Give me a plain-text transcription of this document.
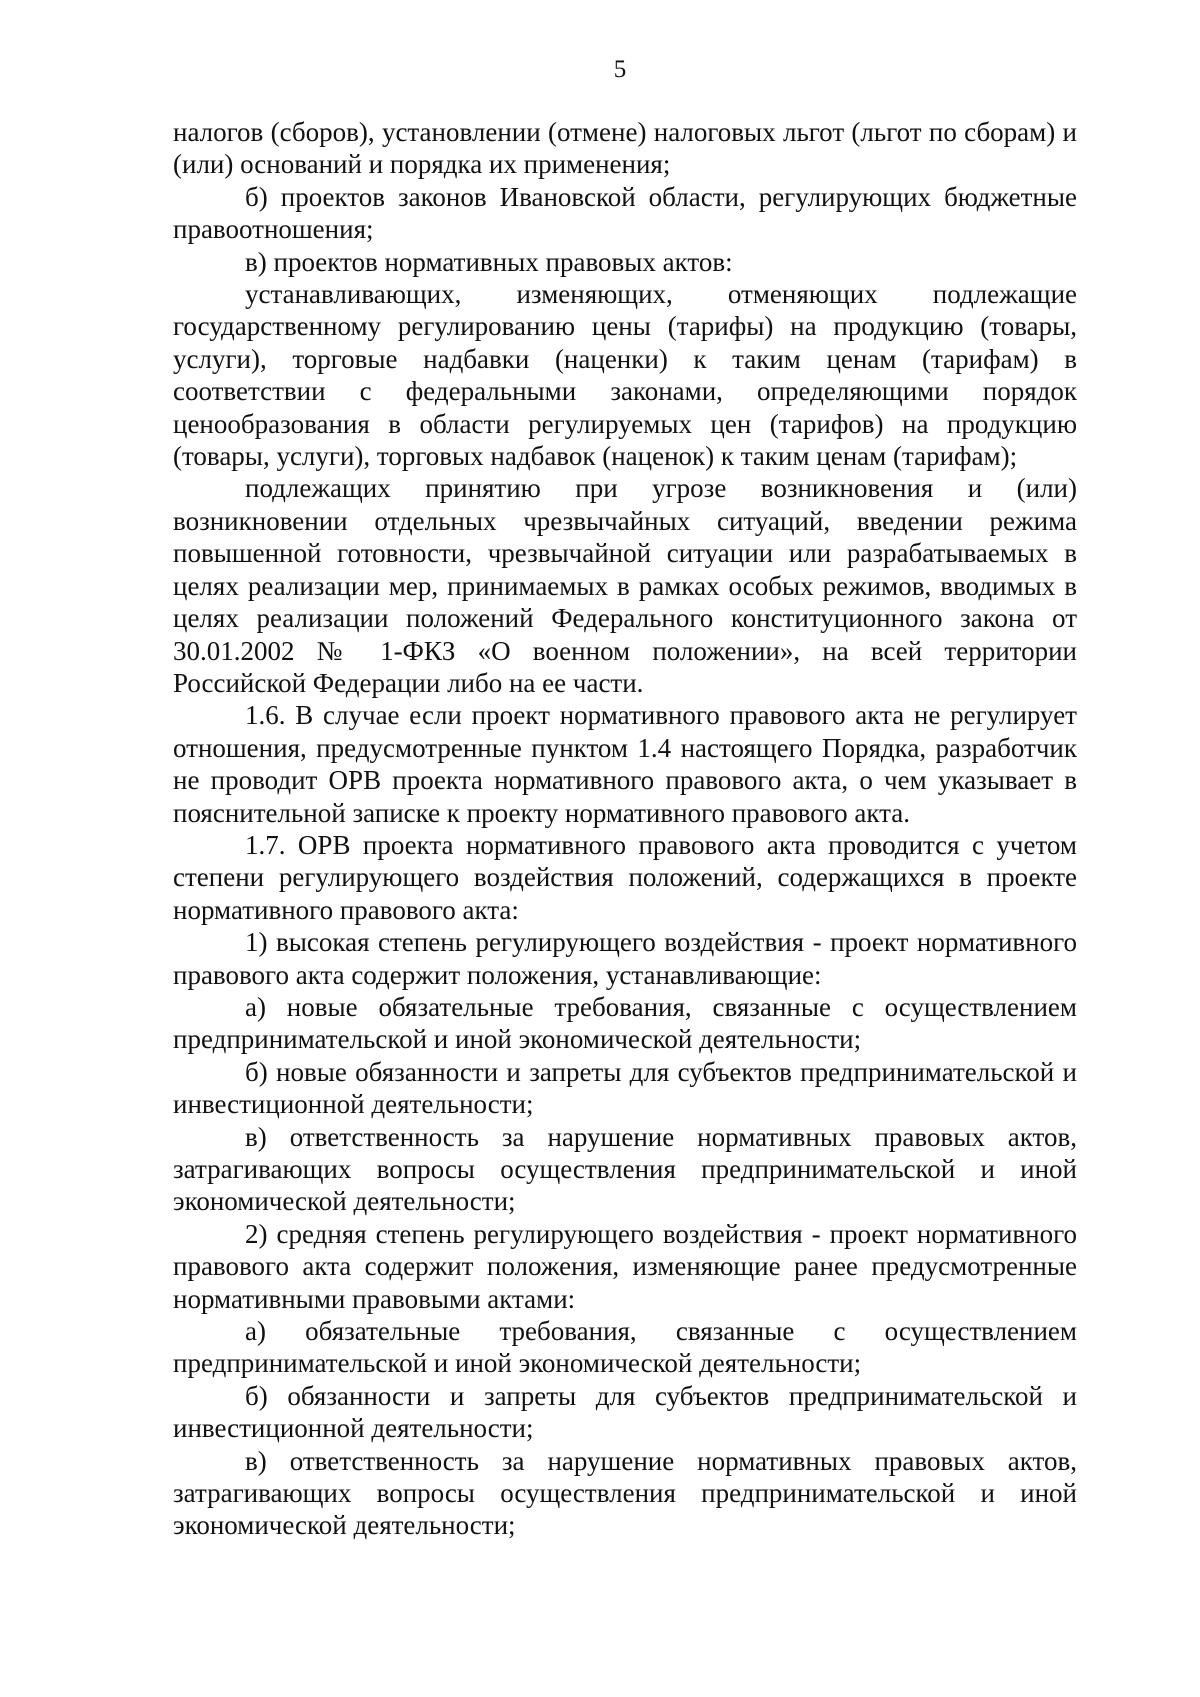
5

налогов (сборов), установлении (отмене) налоговых льгот (льгот по сборам) и (или) оснований и порядка их применения;

б) проектов законов Ивановской области, регулирующих бюджетные правоотношения;

в) проектов нормативных правовых актов:

устанавливающих, изменяющих, отменяющих подлежащие государственному регулированию цены (тарифы) на продукцию (товары, услуги), торговые надбавки (наценки) к таким ценам (тарифам) в соответствии с федеральными законами, определяющими порядок ценообразования в области регулируемых цен (тарифов) на продукцию (товары, услуги), торговых надбавок (наценок) к таким ценам (тарифам);

подлежащих принятию при угрозе возникновения и (или) возникновении отдельных чрезвычайных ситуаций, введении режима повышенной готовности, чрезвычайной ситуации или разрабатываемых в целях реализации мер, принимаемых в рамках особых режимов, вводимых в целях реализации положений Федерального конституционного закона от 30.01.2002 № 1-ФКЗ «О военном положении», на всей территории Российской Федерации либо на ее части.

1.6. В случае если проект нормативного правового акта не регулирует отношения, предусмотренные пунктом 1.4 настоящего Порядка, разработчик не проводит ОРВ проекта нормативного правового акта, о чем указывает в пояснительной записке к проекту нормативного правового акта.

1.7. ОРВ проекта нормативного правового акта проводится с учетом степени регулирующего воздействия положений, содержащихся в проекте нормативного правового акта:

1) высокая степень регулирующего воздействия - проект нормативного правового акта содержит положения, устанавливающие:

а) новые обязательные требования, связанные с осуществлением предпринимательской и иной экономической деятельности;

б) новые обязанности и запреты для субъектов предпринимательской и инвестиционной деятельности;

в) ответственность за нарушение нормативных правовых актов, затрагивающих вопросы осуществления предпринимательской и иной экономической деятельности;

2) средняя степень регулирующего воздействия - проект нормативного правового акта содержит положения, изменяющие ранее предусмотренные нормативными правовыми актами:

а) обязательные требования, связанные с осуществлением предпринимательской и иной экономической деятельности;

б) обязанности и запреты для субъектов предпринимательской и инвестиционной деятельности;

в) ответственность за нарушение нормативных правовых актов, затрагивающих вопросы осуществления предпринимательской и иной экономической деятельности;
